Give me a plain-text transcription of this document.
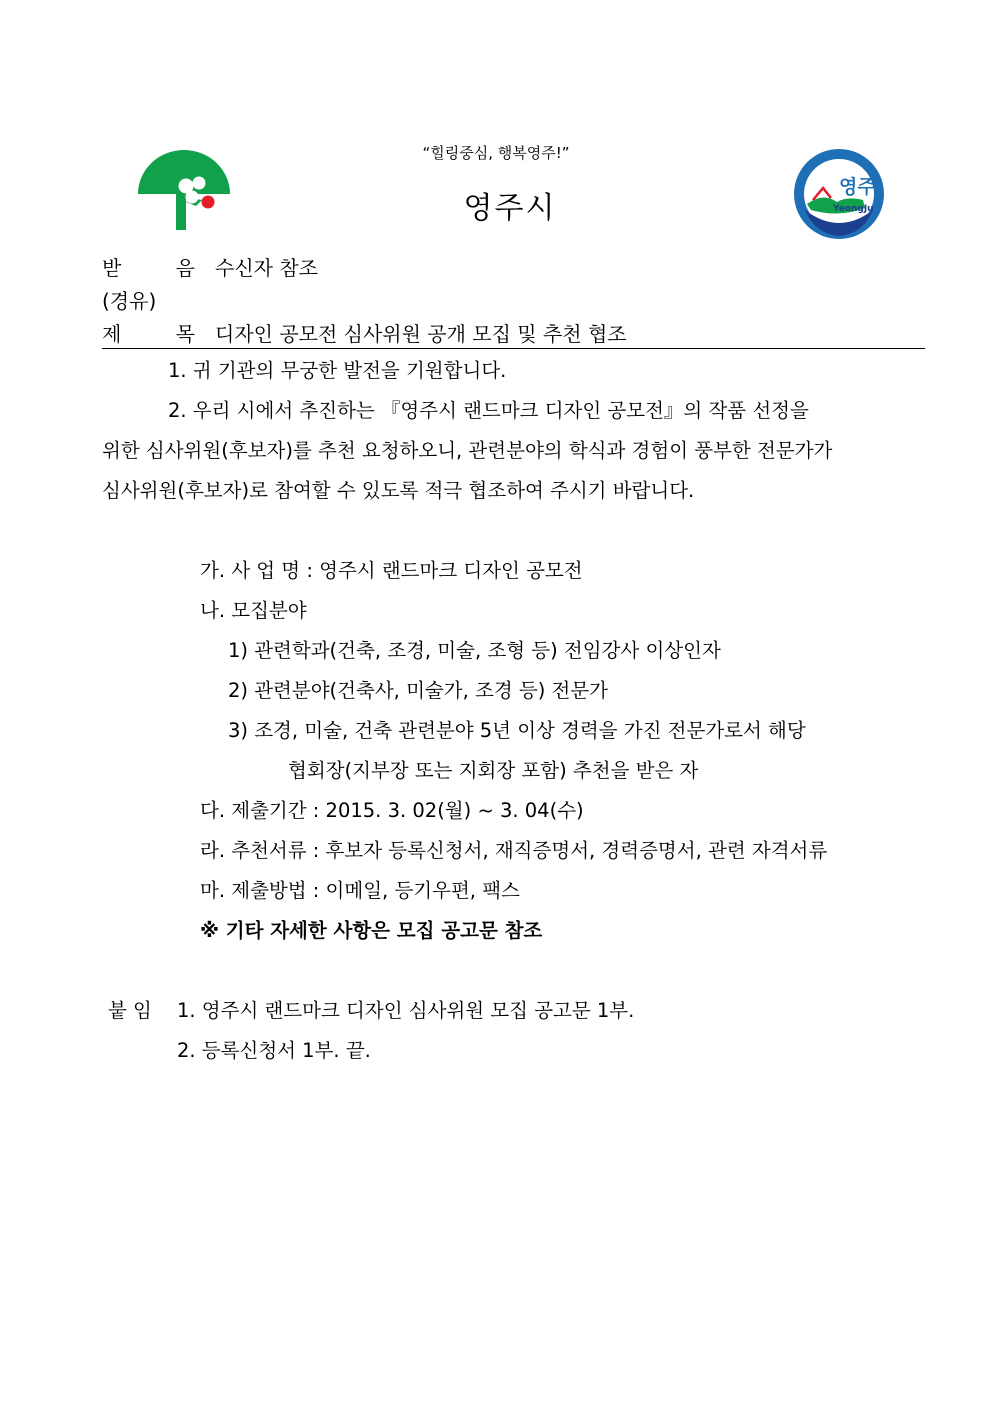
“힐링중심, 행복영주!”
영주시
영주
YeongJu
받 음수신자 참조
(경유)
제 목디자인 공모전 심사위원 공개 모집 및 추천 협조
1. 귀 기관의 무궁한 발전을 기원합니다.
2. 우리 시에서 추진하는 『영주시 랜드마크 디자인 공모전』의 작품 선정을
위한 심사위원(후보자)를 추천 요청하오니, 관련분야의 학식과 경험이 풍부한 전문가가
심사위원(후보자)로 참여할 수 있도록 적극 협조하여 주시기 바랍니다.
가. 사 업 명 : 영주시 랜드마크 디자인 공모전
나. 모집분야
1) 관련학과(건축, 조경, 미술, 조형 등) 전임강사 이상인자
2) 관련분야(건축사, 미술가, 조경 등) 전문가
3) 조경, 미술, 건축 관련분야 5년 이상 경력을 가진 전문가로서 해당
협회장(지부장 또는 지회장 포함) 추천을 받은 자
다. 제출기간 : 2015. 3. 02(월) ~ 3. 04(수)
라. 추천서류 : 후보자 등록신청서, 재직증명서, 경력증명서, 관련 자격서류
마. 제출방법 : 이메일, 등기우편, 팩스
※ 기타 자세한 사항은 모집 공고문 참조
붙 임 1. 영주시 랜드마크 디자인 심사위원 모집 공고문 1부.
2. 등록신청서 1부. 끝.
